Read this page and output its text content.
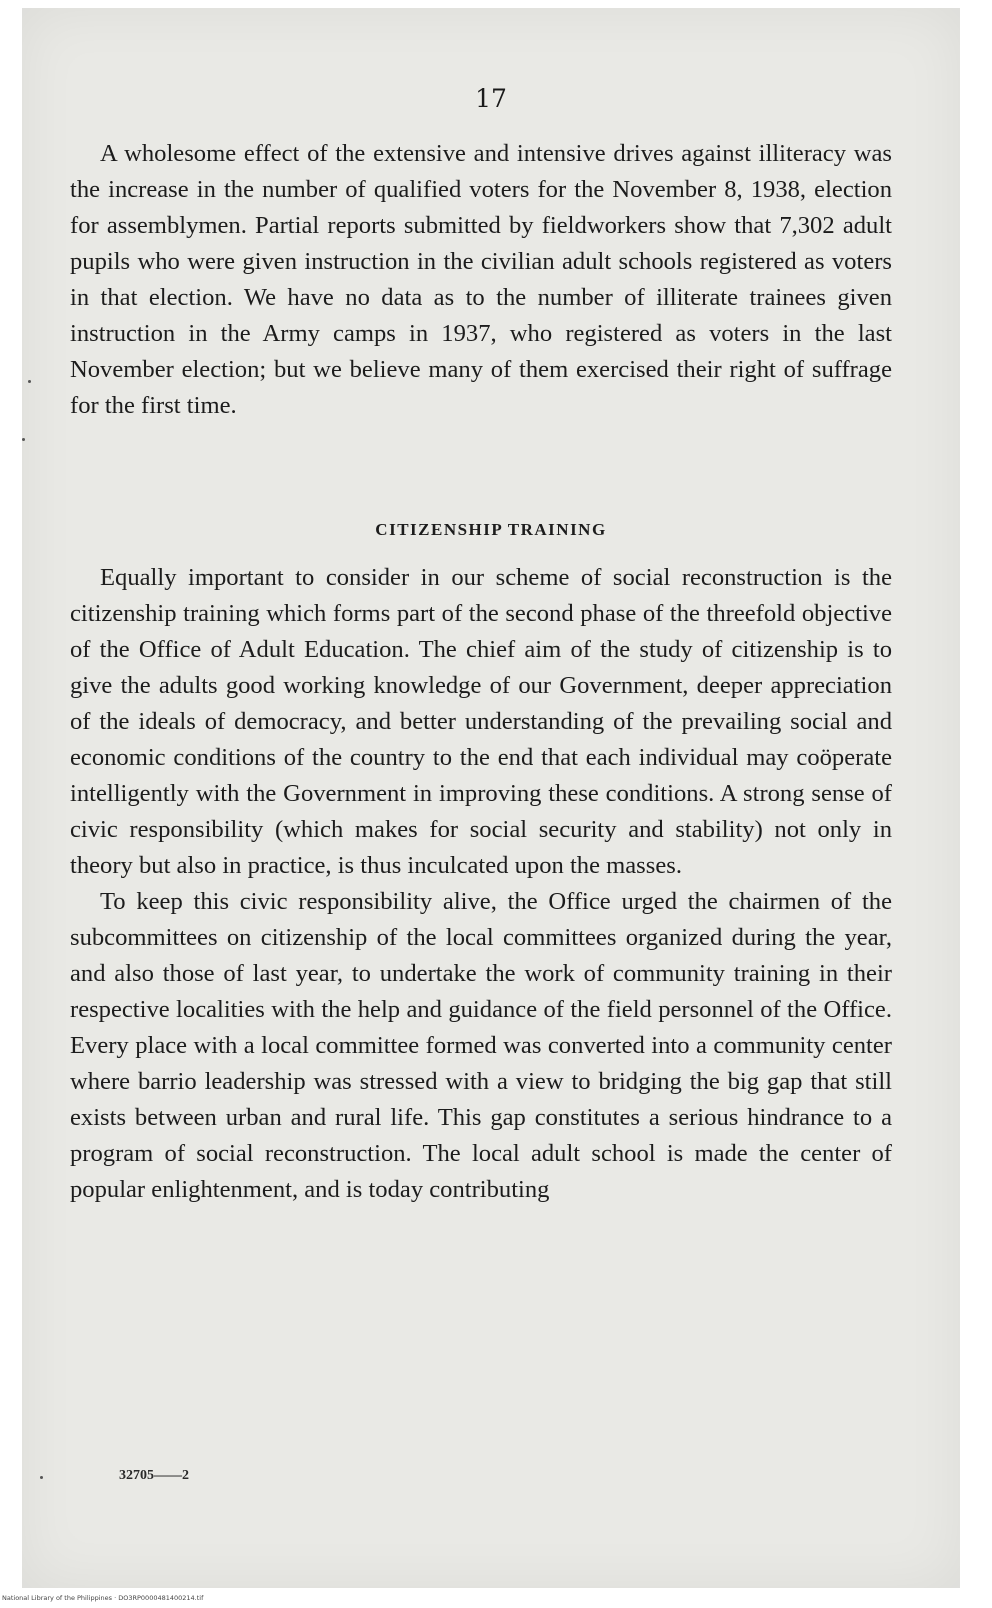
17

A wholesome effect of the extensive and intensive drives against illiteracy was the increase in the number of qualified voters for the November 8, 1938, election for assemblymen. Partial reports submitted by fieldworkers show that 7,302 adult pupils who were given instruction in the civilian adult schools registered as voters in that election. We have no data as to the number of illiterate trainees given instruction in the Army camps in 1937, who registered as voters in the last November election; but we believe many of them exercised their right of suffrage for the first time.

CITIZENSHIP TRAINING

Equally important to consider in our scheme of social reconstruction is the citizenship training which forms part of the second phase of the threefold objective of the Office of Adult Education. The chief aim of the study of citizenship is to give the adults good working knowledge of our Government, deeper appreciation of the ideals of democracy, and better understanding of the prevailing social and economic conditions of the country to the end that each individual may coöperate intelligently with the Government in improving these conditions. A strong sense of civic responsibility (which makes for social security and stability) not only in theory but also in practice, is thus inculcated upon the masses.

To keep this civic responsibility alive, the Office urged the chairmen of the subcommittees on citizenship of the local committees organized during the year, and also those of last year, to undertake the work of community training in their respective localities with the help and guidance of the field personnel of the Office. Every place with a local committee formed was converted into a community center where barrio leadership was stressed with a view to bridging the big gap that still exists between urban and rural life. This gap constitutes a serious hindrance to a program of social reconstruction. The local adult school is made the center of popular enlightenment, and is today contributing

32705——2
National Library of the Philippines · DO3RP0000481400214.tif
